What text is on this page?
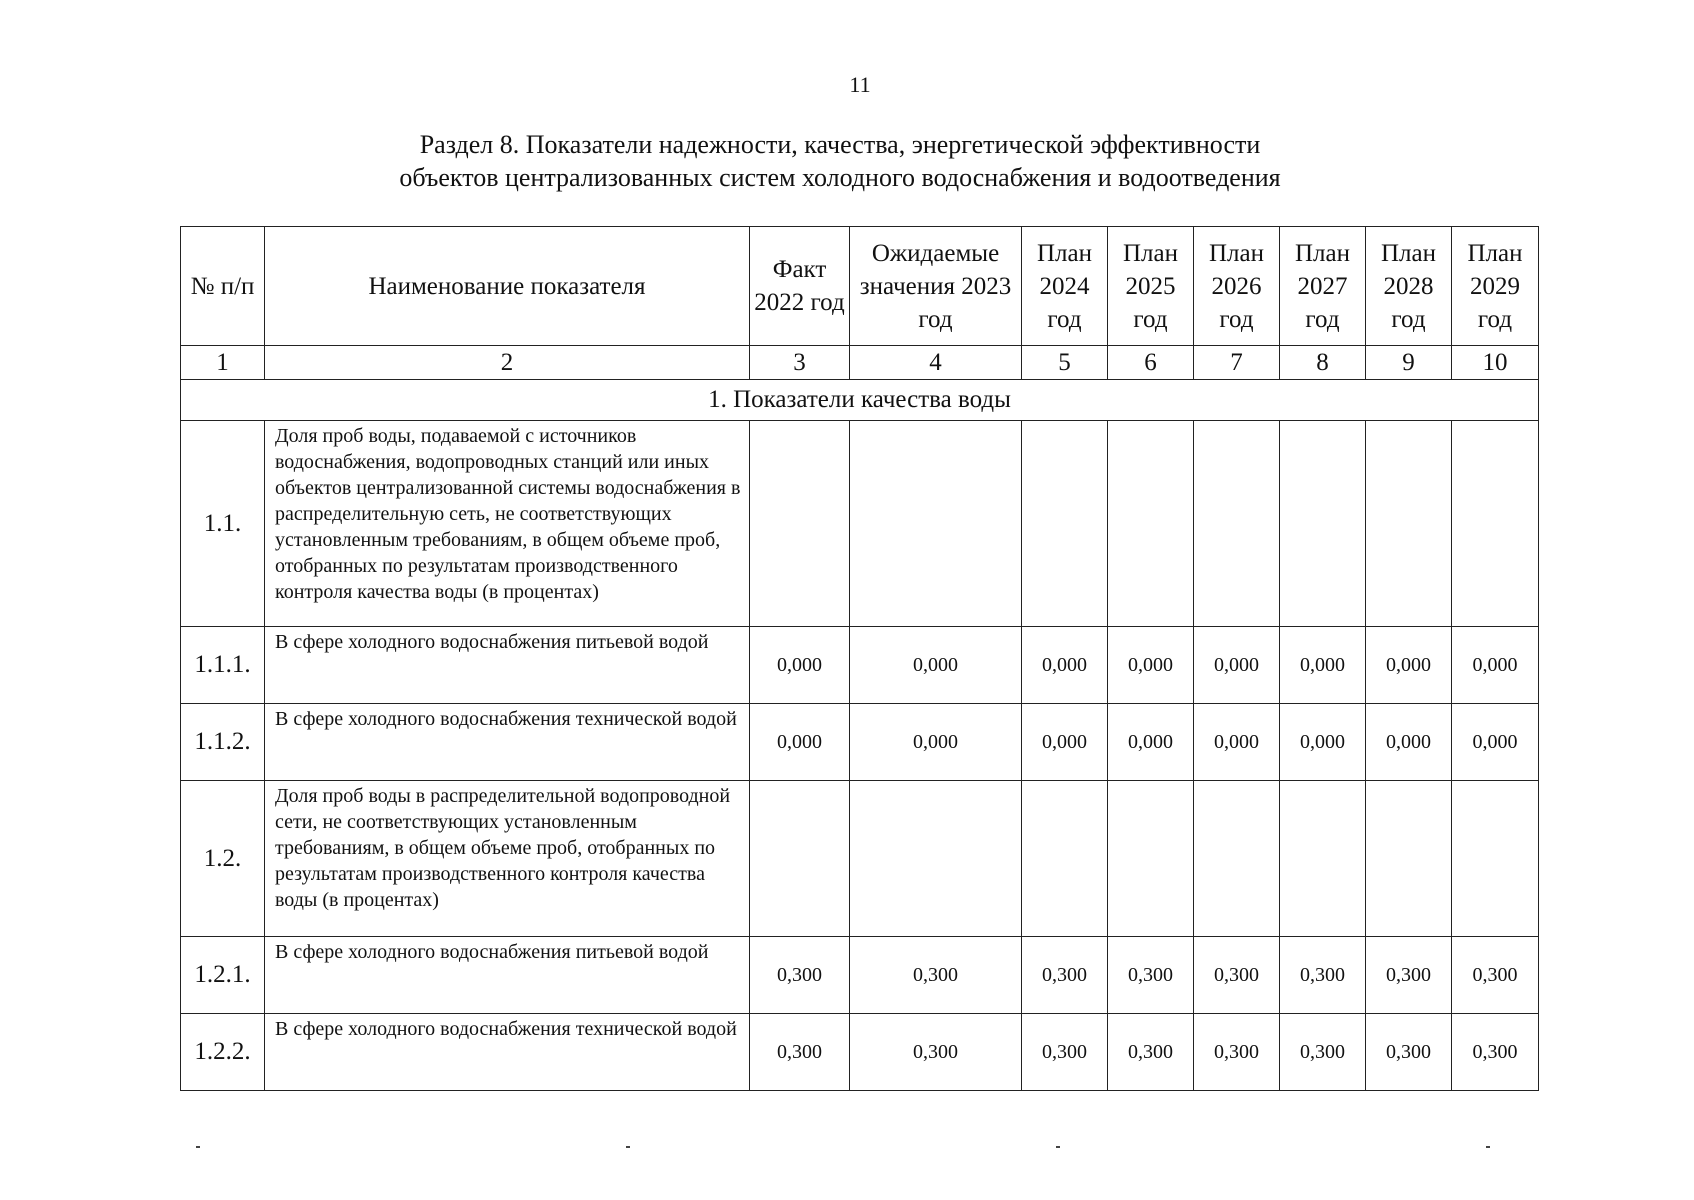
11
Раздел 8. Показатели надежности, качества, энергетической эффективности
объектов централизованных систем холодного водоснабжения и водоотведения
№ п/п	Наименование показателя	Факт 2022 год	Ожидаемые значения 2023 год	План 2024 год	План 2025 год	План 2026 год	План 2027 год	План 2028 год	План 2029 год
1	2	3	4	5	6	7	8	9	10
1. Показатели качества воды									
1.1.	Доля проб воды, подаваемой с источников водоснабжения, водопроводных станций или иных объектов централизованной системы водоснабжения в распределительную сеть, не соответствующих установленным требованиям, в общем объеме проб, отобранных по результатам производственного контроля качества воды (в процентах)								
1.1.1.	В сфере холодного водоснабжения питьевой водой	0,000	0,000	0,000	0,000	0,000	0,000	0,000	0,000
1.1.2.	В сфере холодного водоснабжения технической водой	0,000	0,000	0,000	0,000	0,000	0,000	0,000	0,000
1.2.	Доля проб воды в распределительной водопроводной сети, не соответствующих установленным требованиям, в общем объеме проб, отобранных по результатам производственного контроля качества воды (в процентах)								
1.2.1.	В сфере холодного водоснабжения питьевой водой	0,300	0,300	0,300	0,300	0,300	0,300	0,300	0,300
1.2.2.	В сфере холодного водоснабжения технической водой	0,300	0,300	0,300	0,300	0,300	0,300	0,300	0,300
